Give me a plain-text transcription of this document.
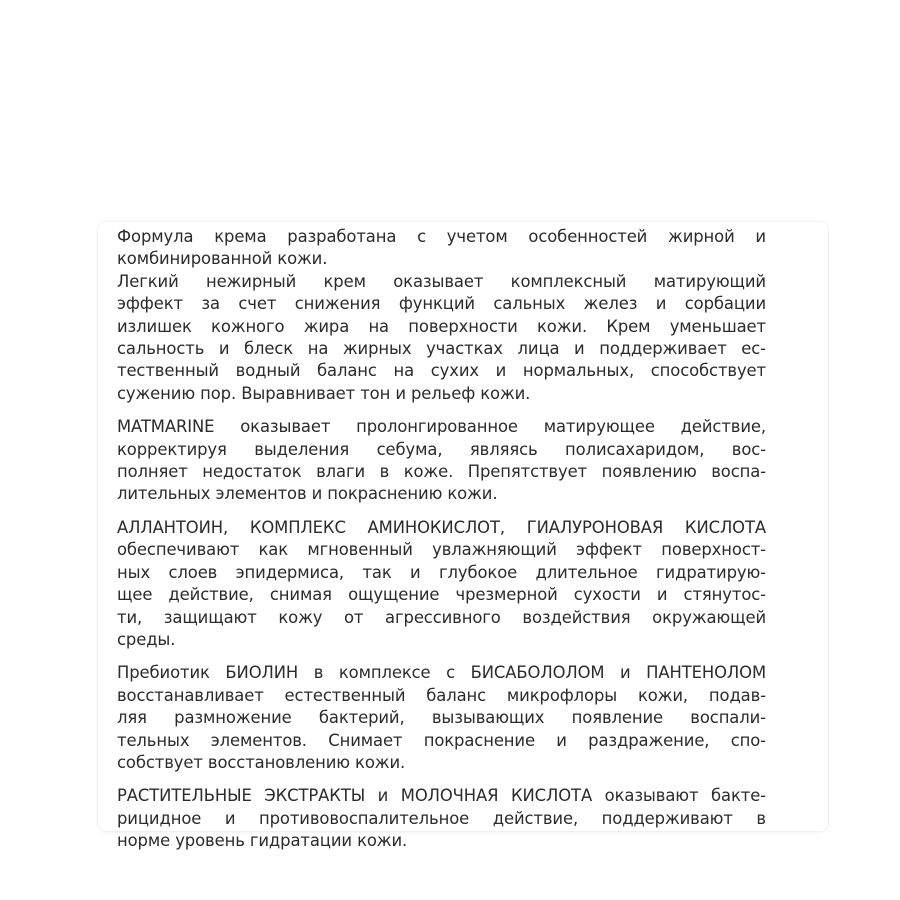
Формула крема разработана с учетом особенностей жирной и
комбинированной кожи.

Легкий нежирный крем оказывает комплексный матирующий
эффект за счет снижения функций сальных желез и сорбации
излишек кожного жира на поверхности кожи. Крем уменьшает
сальность и блеск на жирных участках лица и поддерживает ес-
тественный водный баланс на сухих и нормальных, способствует
сужению пор. Выравнивает тон и рельеф кожи.

MATMARINE оказывает пролонгированное матирующее действие,
корректируя выделения себума, являясь полисахаридом, вос-
полняет недостаток влаги в коже. Препятствует появлению воспа-
лительных элементов и покраснению кожи.

АЛЛАНТОИН, КОМПЛЕКС АМИНОКИСЛОТ, ГИАЛУРОНОВАЯ КИСЛОТА
обеспечивают как мгновенный увлажняющий эффект поверхност-
ных слоев эпидермиса, так и глубокое длительное гидратирую-
щее действие, снимая ощущение чрезмерной сухости и стянутос-
ти, защищают кожу от агрессивного воздействия окружающей
среды.

Пребиотик БИОЛИН в комплексе с БИСАБОЛОЛОМ и ПАНТЕНОЛОМ
восстанавливает естественный баланс микрофлоры кожи, подав-
ляя размножение бактерий, вызывающих появление воспали-
тельных элементов. Снимает покраснение и раздражение, спо-
собствует восстановлению кожи.

РАСТИТЕЛЬНЫЕ ЭКСТРАКТЫ и МОЛОЧНАЯ КИСЛОТА оказывают бакте-
рицидное и противовоспалительное действие, поддерживают в
норме уровень гидратации кожи.
